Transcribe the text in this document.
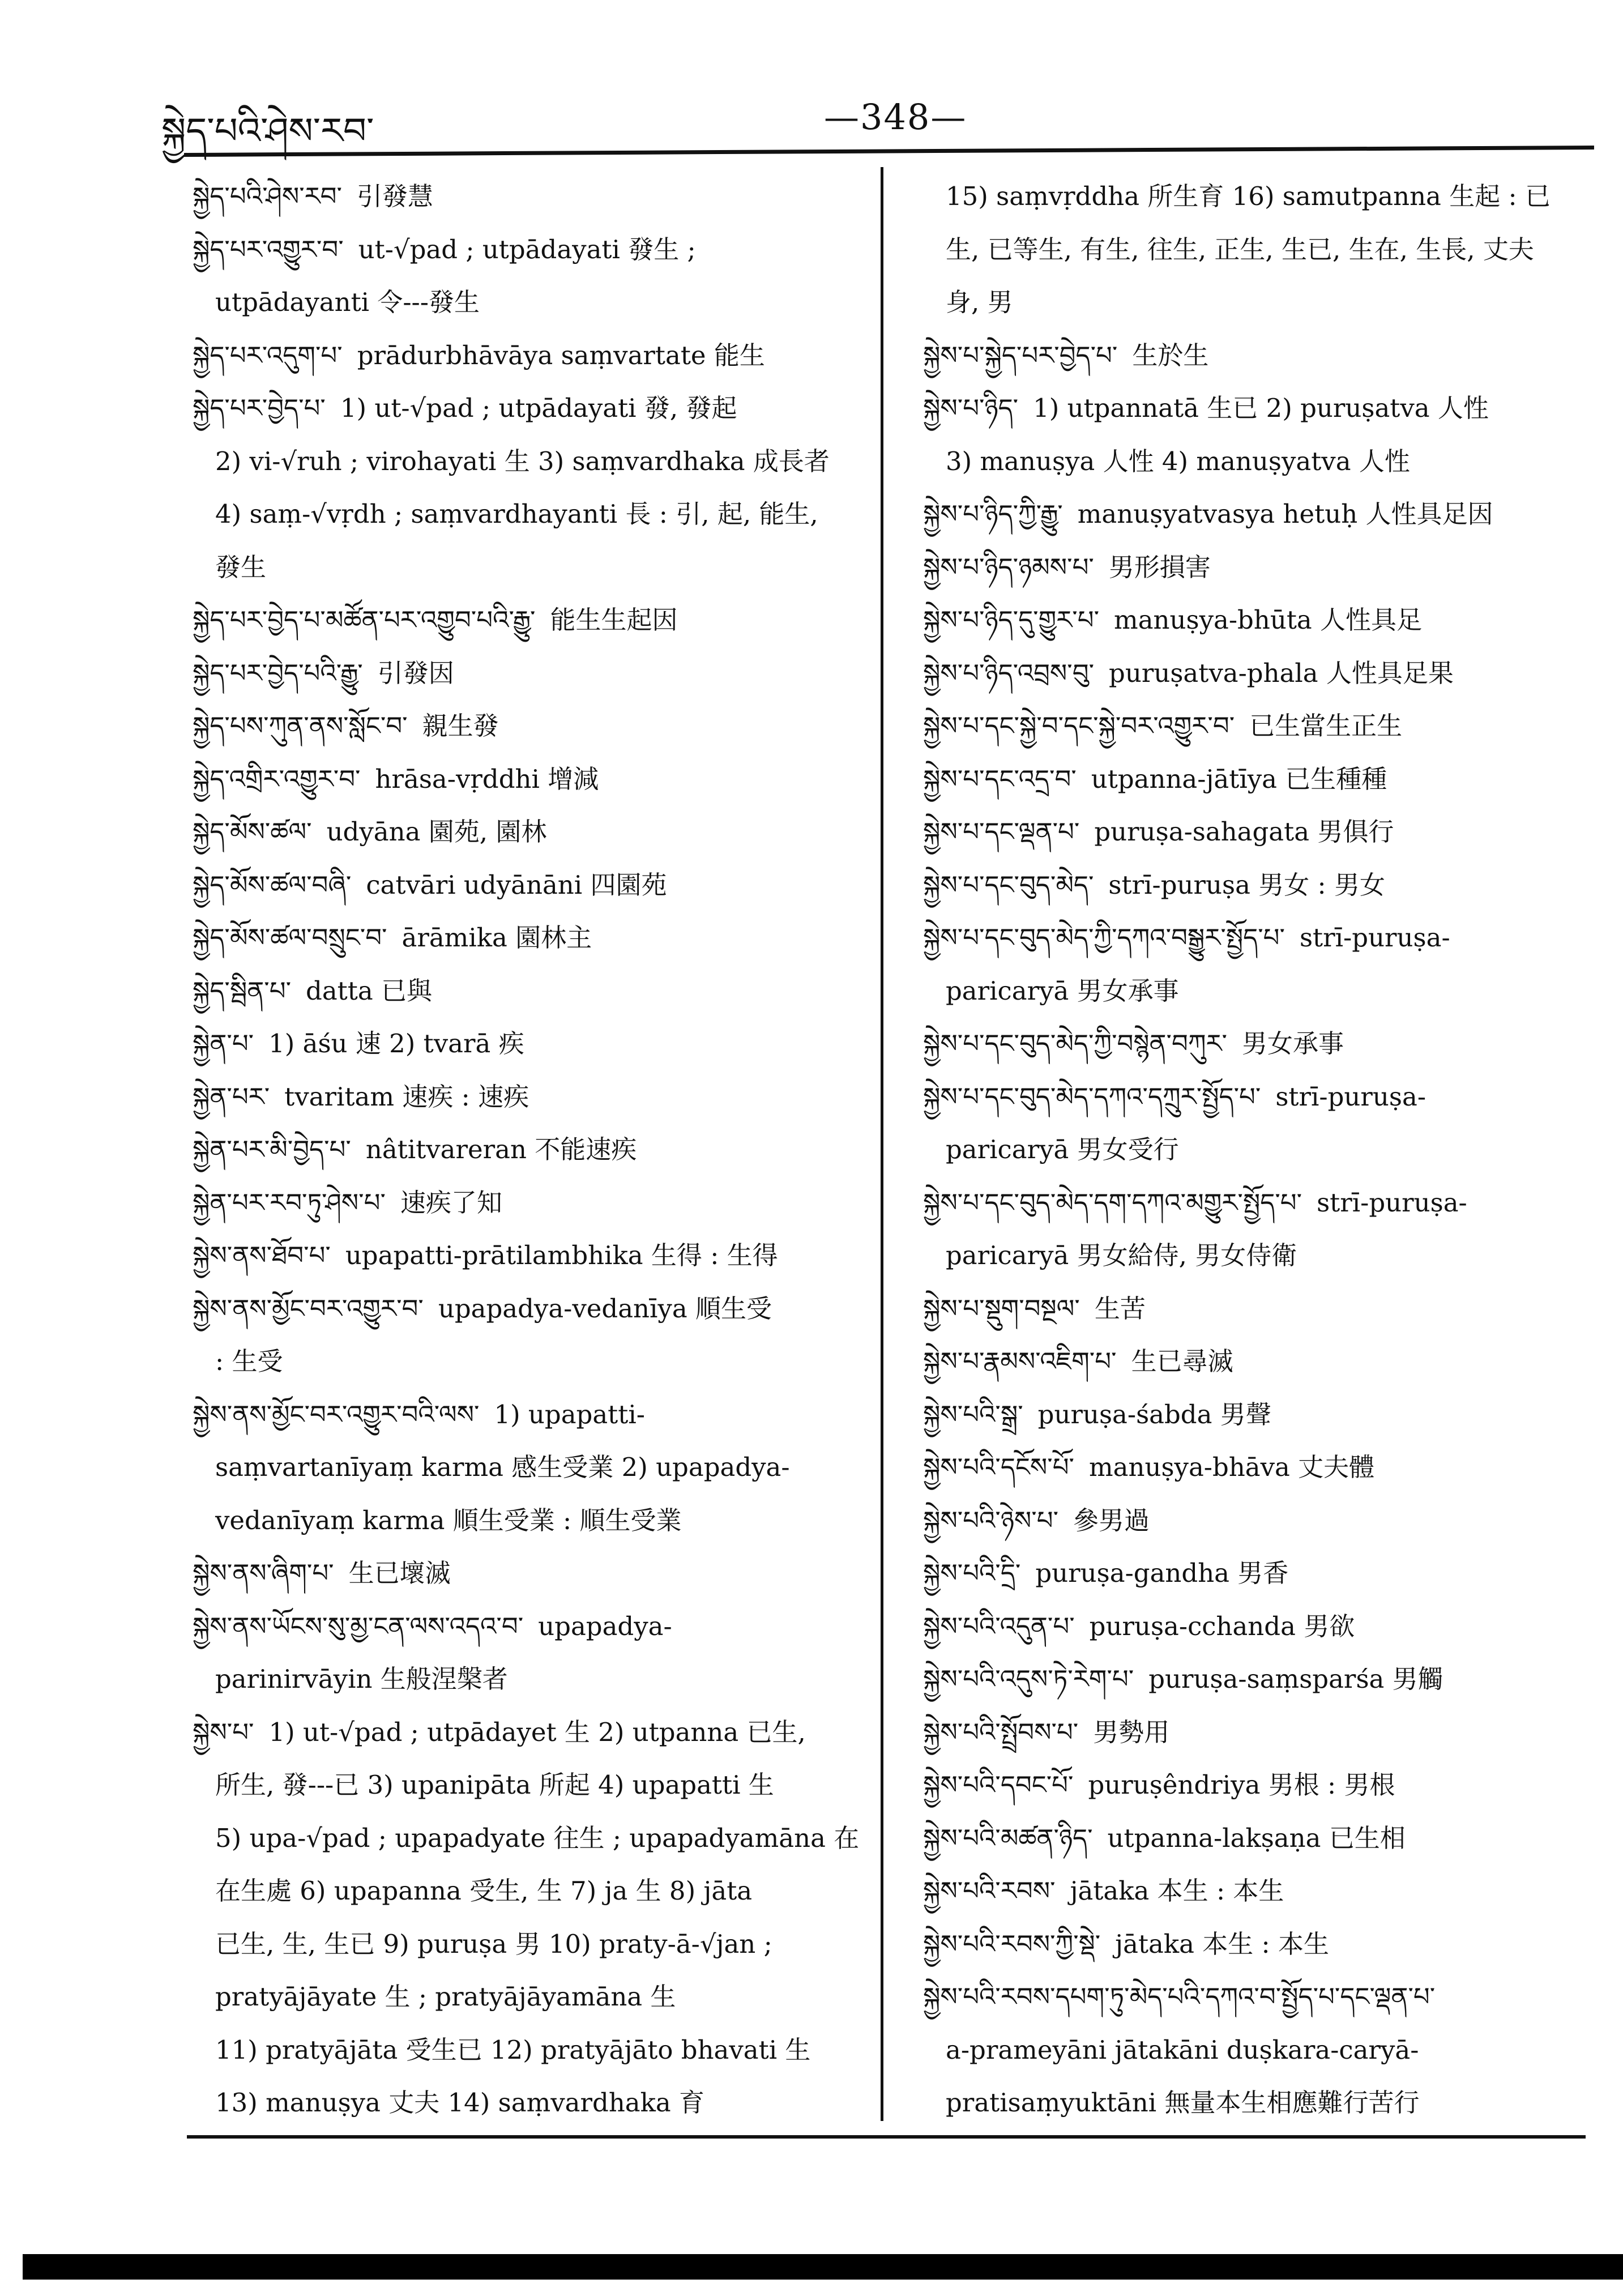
སྐྱེད་པའི་ཤེས་རབ་	—348—
སྐྱེད་པའི་ཤེས་རབ་ 引發慧
སྐྱེད་པར་འགྱུར་བ་ ut-√pad ; utpādayati 發生 ;
utpādayanti 令---發生
སྐྱེད་པར་འདུག་པ་ prādurbhāvāya saṃvartate 能生
སྐྱེད་པར་བྱེད་པ་ 1) ut-√pad ; utpādayati 發, 發起
2) vi-√ruh ; virohayati 生 3) saṃvardhaka 成長者
4) saṃ-√vṛdh ; saṃvardhayanti 長 : 引, 起, 能生,
發生
སྐྱེད་པར་བྱེད་པ་མཚོན་པར་འགྱུབ་པའི་རྒྱུ་ 能生生起因
སྐྱེད་པར་བྱེད་པའི་རྒྱུ་ 引發因
སྐྱེད་པས་ཀུན་ནས་སློང་བ་ 親生發
སྐྱེད་འགྲིར་འགྱུར་བ་ hrāsa-vṛddhi 增減
སྐྱེད་མོས་ཚལ་ udyāna 園苑, 園林
སྐྱེད་མོས་ཚལ་བཞི་ catvāri udyānāni 四園苑
སྐྱེད་མོས་ཚལ་བསྲུང་བ་ ārāmika 園林主
སྐྱེད་སྦིན་པ་ datta 已與
སྐྱེན་པ་ 1) āśu 速 2) tvarā 疾
སྐྱེན་པར་ tvaritam 速疾 : 速疾
སྐྱེན་པར་མི་བྱེད་པ་ nâtitvareran 不能速疾
སྐྱེན་པར་རབ་ཏུ་ཤེས་པ་ 速疾了知
སྐྱེས་ནས་ཐོབ་པ་ upapatti-prātilambhika 生得 : 生得
སྐྱེས་ནས་མྱོང་བར་འགྱུར་བ་ upapadya-vedanīya 順生受
: 生受
སྐྱེས་ནས་མྱོང་བར་འགྱུར་བའི་ལས་ 1) upapatti-
saṃvartanīyaṃ karma 感生受業 2) upapadya-
vedanīyaṃ karma 順生受業 : 順生受業
སྐྱེས་ནས་ཞིག་པ་ 生已壞滅
སྐྱེས་ནས་ཡོངས་སུ་མྱ་ངན་ལས་འདའ་བ་ upapadya-
parinirvāyin 生般涅槃者
སྐྱེས་པ་ 1) ut-√pad ; utpādayet 生 2) utpanna 已生,
所生, 發---已 3) upanipāta 所起 4) upapatti 生
5) upa-√pad ; upapadyate 往生 ; upapadyamāna 在
在生處 6) upapanna 受生, 生 7) ja 生 8) jāta
已生, 生, 生已 9) puruṣa 男 10) praty-ā-√jan ;
pratyājāyate 生 ; pratyājāyamāna 生
11) pratyājāta 受生已 12) pratyājāto bhavati 生
13) manuṣya 丈夫 14) saṃvardhaka 育
15) saṃvṛddha 所生育 16) samutpanna 生起 : 已
生, 已等生, 有生, 往生, 正生, 生已, 生在, 生長, 丈夫
身, 男
སྐྱེས་པ་སྐྱེད་པར་བྱེད་པ་ 生於生
སྐྱེས་པ་ཉིད་ 1) utpannatā 生已 2) puruṣatva 人性
3) manuṣya 人性 4) manuṣyatva 人性
སྐྱེས་པ་ཉིད་ཀྱི་རྒྱུ་ manuṣyatvasya hetuḥ 人性具足因
སྐྱེས་པ་ཉིད་ཉམས་པ་ 男形損害
སྐྱེས་པ་ཉིད་དུ་གྱུར་པ་ manuṣya-bhūta 人性具足
སྐྱེས་པ་ཉིད་འབྲས་བུ་ puruṣatva-phala 人性具足果
སྐྱེས་པ་དང་སྐྱེ་བ་དང་སྐྱེ་བར་འགྱུར་བ་ 已生當生正生
སྐྱེས་པ་དང་འདྲ་བ་ utpanna-jātīya 已生種種
སྐྱེས་པ་དང་ལྡན་པ་ puruṣa-sahagata 男俱行
སྐྱེས་པ་དང་བུད་མེད་ strī-puruṣa 男女 : 男女
སྐྱེས་པ་དང་བུད་མེད་ཀྱི་དཀའ་བསྒྱུར་སྤྱོད་པ་ strī-puruṣa-
paricaryā 男女承事
སྐྱེས་པ་དང་བུད་མེད་ཀྱི་བསྙེན་བཀུར་ 男女承事
སྐྱེས་པ་དང་བུད་མེད་དཀའ་དཀྲུར་སྤྱོད་པ་ strī-puruṣa-
paricaryā 男女受行
སྐྱེས་པ་དང་བུད་མེད་དག་དཀའ་མགྱུར་སྤྱོད་པ་ strī-puruṣa-
paricaryā 男女給侍, 男女侍衛
སྐྱེས་པ་སྡུག་བསྔལ་ 生苦
སྐྱེས་པ་རྣམས་འཇིག་པ་ 生已尋滅
སྐྱེས་པའི་སྒྲ་ puruṣa-śabda 男聲
སྐྱེས་པའི་དངོས་པོ་ manuṣya-bhāva 丈夫體
སྐྱེས་པའི་ཉེས་པ་ 參男過
སྐྱེས་པའི་དྲི་ puruṣa-gandha 男香
སྐྱེས་པའི་འདུན་པ་ puruṣa-cchanda 男欲
སྐྱེས་པའི་འདུས་ཏེ་རེག་པ་ puruṣa-saṃsparśa 男觸
སྐྱེས་པའི་སྤྲོབས་པ་ 男勢用
སྐྱེས་པའི་དབང་པོ་ puruṣêndriya 男根 : 男根
སྐྱེས་པའི་མཚན་ཉིད་ utpanna-lakṣaṇa 已生相
སྐྱེས་པའི་རབས་ jātaka 本生 : 本生
སྐྱེས་པའི་རབས་ཀྱི་སྡེ་ jātaka 本生 : 本生
སྐྱེས་པའི་རབས་དཔག་ཏུ་མེད་པའི་དཀའ་བ་སྤྱོད་པ་དང་ལྡན་པ་
a-prameyāni jātakāni duṣkara-caryā-
pratisaṃyuktāni 無量本生相應難行苦行
